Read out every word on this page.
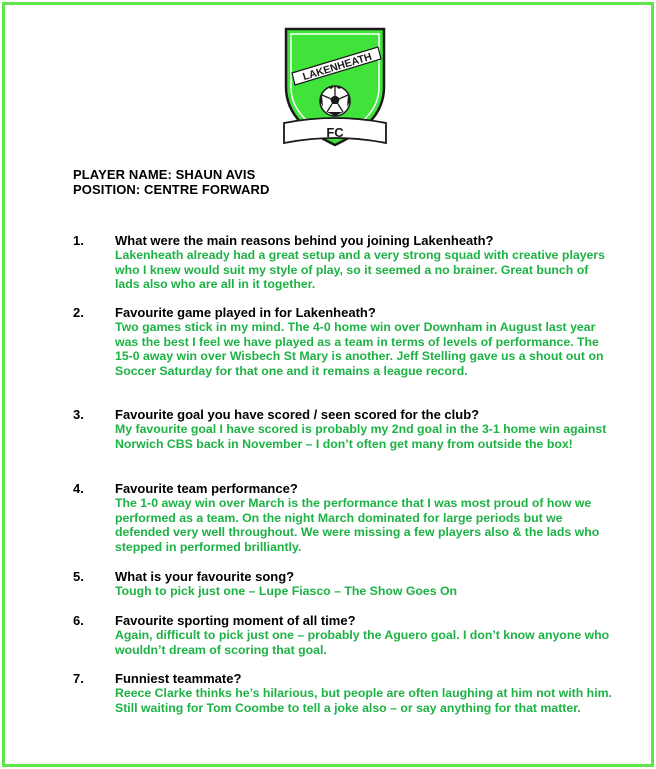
LAKENHEATH
FC
PLAYER NAME: SHAUN AVIS
POSITION: CENTRE FORWARD
1. What were the main reasons behind you joining Lakenheath?
Lakenheath already had a great setup and a very strong squad with creative players who I knew would suit my style of play, so it seemed a no brainer. Great bunch of lads also who are all in it together.
2. Favourite game played in for Lakenheath?
Two games stick in my mind. The 4-0 home win over Downham in August last year was the best I feel we have played as a team in terms of levels of performance. The 15-0 away win over Wisbech St Mary is another. Jeff Stelling gave us a shout out on Soccer Saturday for that one and it remains a league record.
3. Favourite goal you have scored / seen scored for the club?
My favourite goal I have scored is probably my 2nd goal in the 3-1 home win against Norwich CBS back in November – I don’t often get many from outside the box!
4. Favourite team performance?
The 1-0 away win over March is the performance that I was most proud of how we performed as a team. On the night March dominated for large periods but we defended very well throughout. We were missing a few players also & the lads who stepped in performed brilliantly.
5. What is your favourite song?
Tough to pick just one – Lupe Fiasco – The Show Goes On
6. Favourite sporting moment of all time?
Again, difficult to pick just one – probably the Aguero goal. I don’t know anyone who wouldn’t dream of scoring that goal.
7. Funniest teammate?
Reece Clarke thinks he’s hilarious, but people are often laughing at him not with him. Still waiting for Tom Coombe to tell a joke also – or say anything for that matter.
